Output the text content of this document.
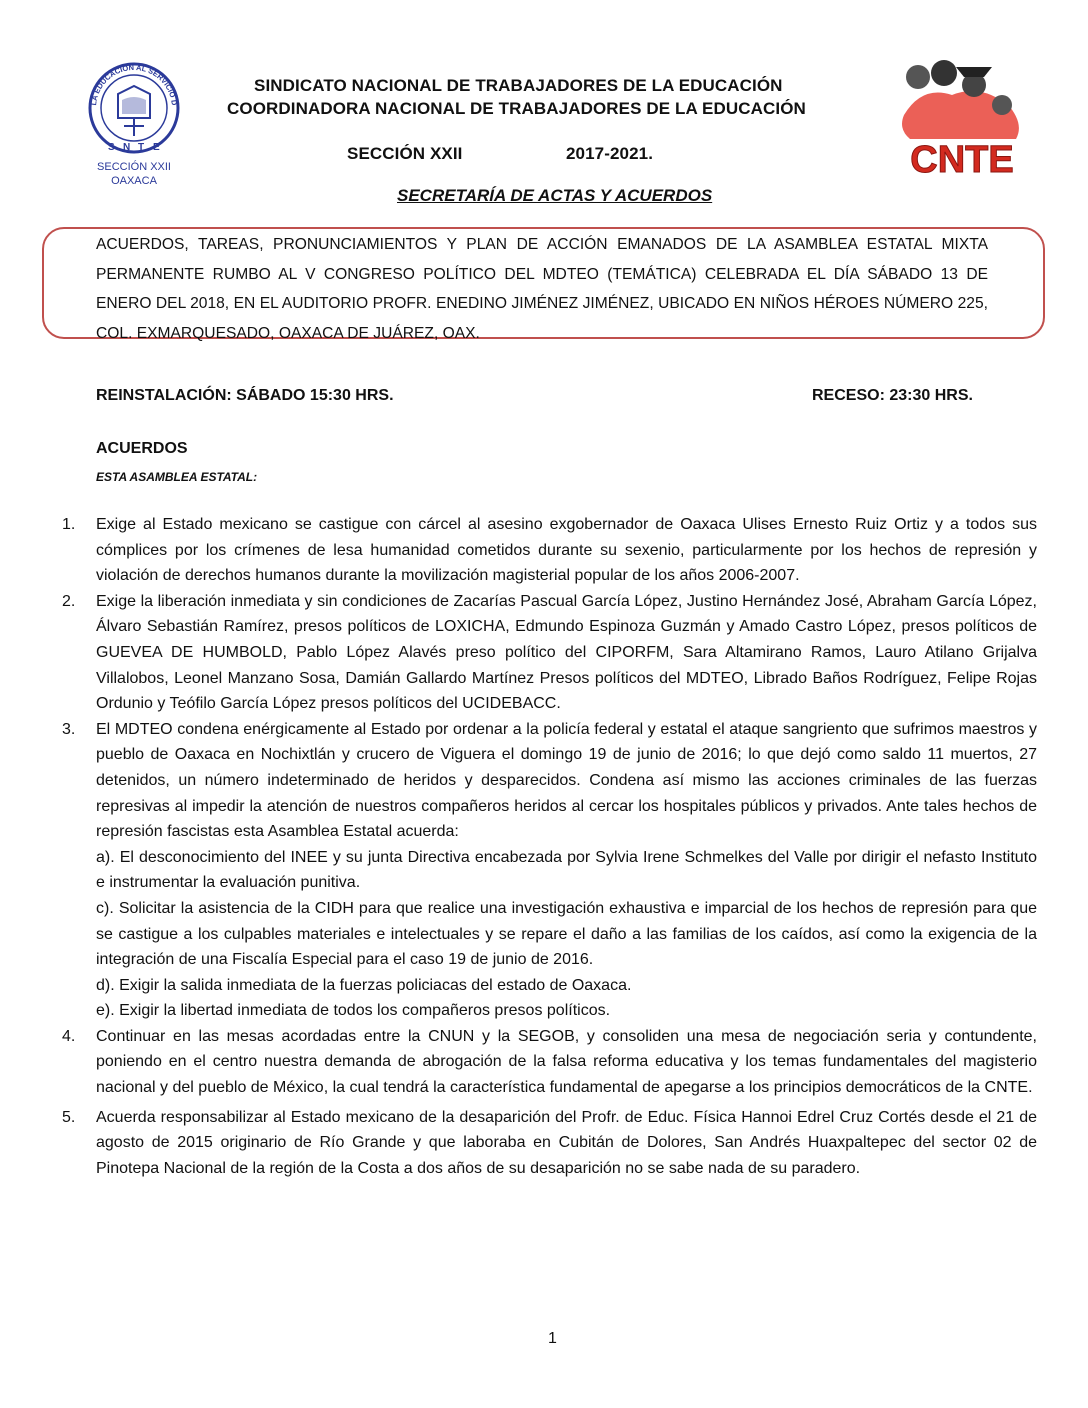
LA EDUCACIÓN AL SERVICIO D
S N T E
SECCIÓN XXII
OAXACA
SINDICATO NACIONAL DE TRABAJADORES DE LA EDUCACIÓN
COORDINADORA NACIONAL DE TRABAJADORES DE LA EDUCACIÓN
SECCIÓN XXII	2017-2021.	CNTE
SECRETARÍA DE ACTAS Y ACUERDOS
ACUERDOS, TAREAS, PRONUNCIAMIENTOS Y PLAN DE ACCIÓN EMANADOS DE LA ASAMBLEA ESTATAL MIXTA PERMANENTE RUMBO AL V CONGRESO POLÍTICO DEL MDTEO (TEMÁTICA) CELEBRADA EL DÍA SÁBADO 13 DE ENERO DEL 2018, EN EL AUDITORIO PROFR. ENEDINO JIMÉNEZ JIMÉNEZ, UBICADO EN NIÑOS HÉROES NÚMERO 225, COL. EXMARQUESADO, OAXACA DE JUÁREZ, OAX.
REINSTALACIÓN: SÁBADO 15:30 HRS.	RECESO: 23:30 HRS.
ACUERDOS
ESTA ASAMBLEA ESTATAL:
1. Exige al Estado mexicano se castigue con cárcel al asesino exgobernador de Oaxaca Ulises Ernesto Ruiz Ortiz y a todos sus cómplices por los crímenes de lesa humanidad cometidos durante su sexenio, particularmente por los hechos de represión y violación de derechos humanos durante la movilización magisterial popular de los años 2006-2007.
2. Exige la liberación inmediata y sin condiciones de Zacarías Pascual García López, Justino Hernández José, Abraham García López, Álvaro Sebastián Ramírez, presos políticos de LOXICHA, Edmundo Espinoza Guzmán y Amado Castro López, presos políticos de GUEVEA DE HUMBOLD, Pablo López Alavés preso político del CIPORFM, Sara Altamirano Ramos, Lauro Atilano Grijalva Villalobos, Leonel Manzano Sosa, Damián Gallardo Martínez Presos políticos del MDTEO, Librado Baños Rodríguez, Felipe Rojas Ordunio y Teófilo García López presos políticos del UCIDEBACC.
3. El MDTEO condena enérgicamente al Estado por ordenar a la policía federal y estatal el ataque sangriento que sufrimos maestros y pueblo de Oaxaca en Nochixtlán y crucero de Viguera el domingo 19 de junio de 2016; lo que dejó como saldo 11 muertos, 27 detenidos, un número indeterminado de heridos y desparecidos. Condena así mismo las acciones criminales de las fuerzas represivas al impedir la atención de nuestros compañeros heridos al cercar los hospitales públicos y privados. Ante tales hechos de represión fascistas esta Asamblea Estatal acuerda:
a). El desconocimiento del INEE y su junta Directiva encabezada por Sylvia Irene Schmelkes del Valle por dirigir el nefasto Instituto e instrumentar la evaluación punitiva.
c). Solicitar la asistencia de la CIDH para que realice una investigación exhaustiva e imparcial de los hechos de represión para que se castigue a los culpables materiales e intelectuales y se repare el daño a las familias de los caídos, así como la exigencia de la integración de una Fiscalía Especial para el caso 19 de junio de 2016.
d). Exigir la salida inmediata de la fuerzas policiacas del estado de Oaxaca.
e). Exigir la libertad inmediata de todos los compañeros presos políticos.
4. Continuar en las mesas acordadas entre la CNUN y la SEGOB, y consoliden una mesa de negociación seria y contundente, poniendo en el centro nuestra demanda de abrogación de la falsa reforma educativa y los temas fundamentales del magisterio nacional y del pueblo de México, la cual tendrá la característica fundamental de apegarse a los principios democráticos de la CNTE.
5. Acuerda responsabilizar al Estado mexicano de la desaparición del Profr. de Educ. Física Hannoi Edrel Cruz Cortés desde el 21 de agosto de 2015 originario de Río Grande y que laboraba en Cubitán de Dolores, San Andrés Huaxpaltepec del sector 02 de Pinotepa Nacional de la región de la Costa a dos años de su desaparición no se sabe nada de su paradero.
1
